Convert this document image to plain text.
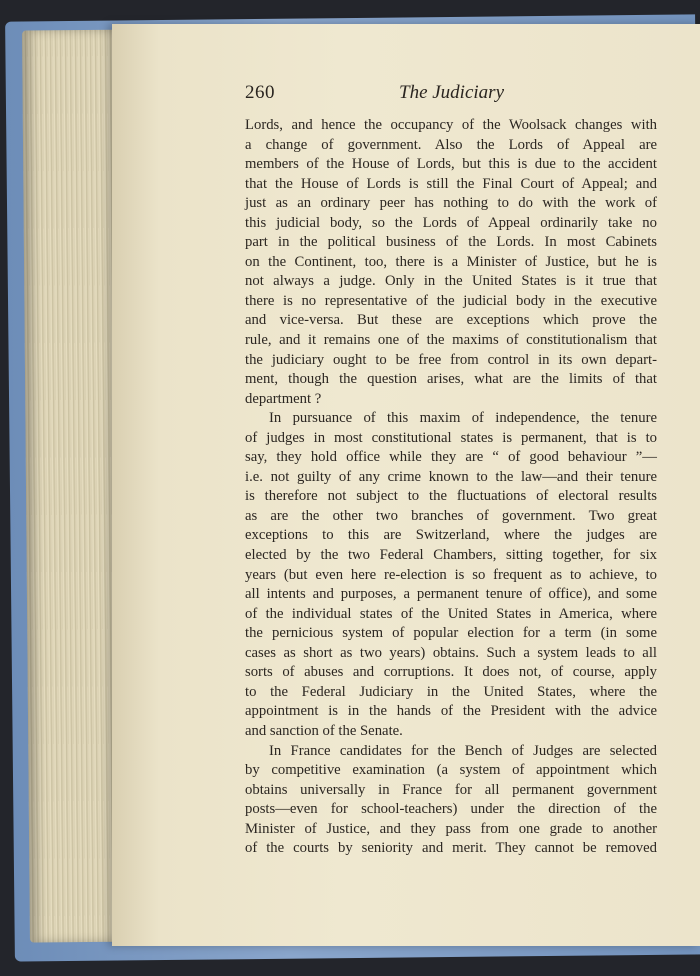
260	The Judiciary

Lords, and hence the occupancy of the Woolsack changes with
a change of government. Also the Lords of Appeal are
members of the House of Lords, but this is due to the accident
that the House of Lords is still the Final Court of Appeal; and
just as an ordinary peer has nothing to do with the work of
this judicial body, so the Lords of Appeal ordinarily take no
part in the political business of the Lords. In most Cabinets
on the Continent, too, there is a Minister of Justice, but he is
not always a judge. Only in the United States is it true that
there is no representative of the judicial body in the executive
and vice-versa. But these are exceptions which prove the
rule, and it remains one of the maxims of constitutionalism that
the judiciary ought to be free from control in its own depart-
ment, though the question arises, what are the limits of that
department ?

In pursuance of this maxim of independence, the tenure
of judges in most constitutional states is permanent, that is to
say, they hold office while they are “ of good behaviour ”—
i.e. not guilty of any crime known to the law—and their tenure
is therefore not subject to the fluctuations of electoral results
as are the other two branches of government. Two great
exceptions to this are Switzerland, where the judges are
elected by the two Federal Chambers, sitting together, for six
years (but even here re-election is so frequent as to achieve, to
all intents and purposes, a permanent tenure of office), and some
of the individual states of the United States in America, where
the pernicious system of popular election for a term (in some
cases as short as two years) obtains. Such a system leads to all
sorts of abuses and corruptions. It does not, of course, apply
to the Federal Judiciary in the United States, where the
appointment is in the hands of the President with the advice
and sanction of the Senate.

In France candidates for the Bench of Judges are selected
by competitive examination (a system of appointment which
obtains universally in France for all permanent government
posts—even for school-teachers) under the direction of the
Minister of Justice, and they pass from one grade to another
of the courts by seniority and merit. They cannot be removed
